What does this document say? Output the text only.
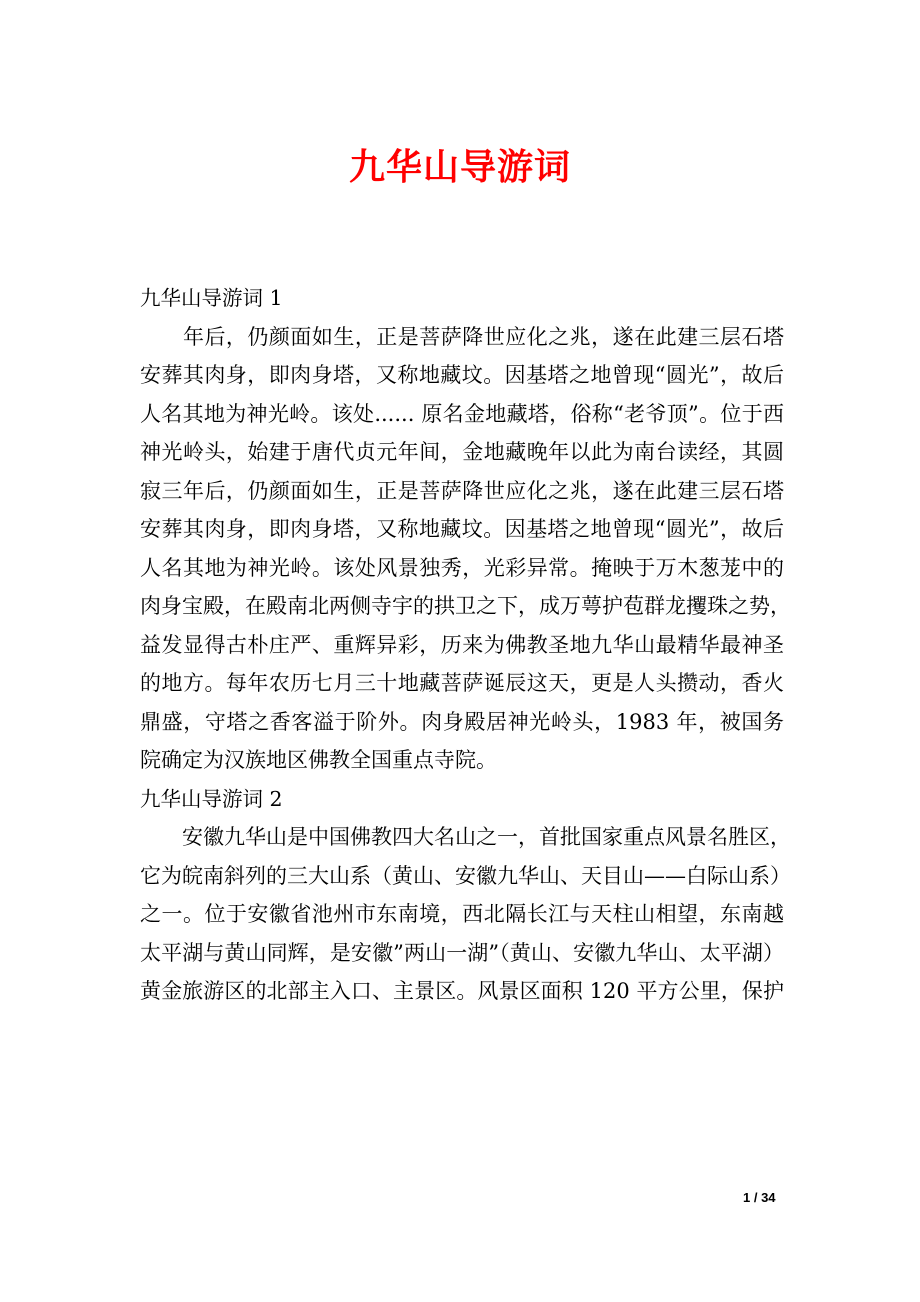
九华山导游词
九华山导游词 1
　　年后，仍颜面如生，正是菩萨降世应化之兆，遂在此建三层石塔
安葬其肉身，即肉身塔，又称地藏坟。因基塔之地曾现“圆光”，故后
人名其地为神光岭。该处...... 原名金地藏塔，俗称“老爷顶”。位于西
神光岭头，始建于唐代贞元年间，金地藏晚年以此为南台读经，其圆
寂三年后，仍颜面如生，正是菩萨降世应化之兆，遂在此建三层石塔
安葬其肉身，即肉身塔，又称地藏坟。因基塔之地曾现“圆光”，故后
人名其地为神光岭。该处风景独秀，光彩异常。掩映于万木葱茏中的
肉身宝殿，在殿南北两侧寺宇的拱卫之下，成万萼护苞群龙攫珠之势，
益发显得古朴庄严、重辉异彩，历来为佛教圣地九华山最精华最神圣
的地方。每年农历七月三十地藏菩萨诞辰这天，更是人头攒动，香火
鼎盛，守塔之香客溢于阶外。肉身殿居神光岭头，1983 年，被国务
院确定为汉族地区佛教全国重点寺院。
九华山导游词 2
　　安徽九华山是中国佛教四大名山之一，首批国家重点风景名胜区，
它为皖南斜列的三大山系（黄山、安徽九华山、天目山——白际山系）
之一。位于安徽省池州市东南境，西北隔长江与天柱山相望，东南越
太平湖与黄山同辉，是安徽”两山一湖”（黄山、安徽九华山、太平湖）
黄金旅游区的北部主入口、主景区。风景区面积 120 平方公里，保护
1 / 34
